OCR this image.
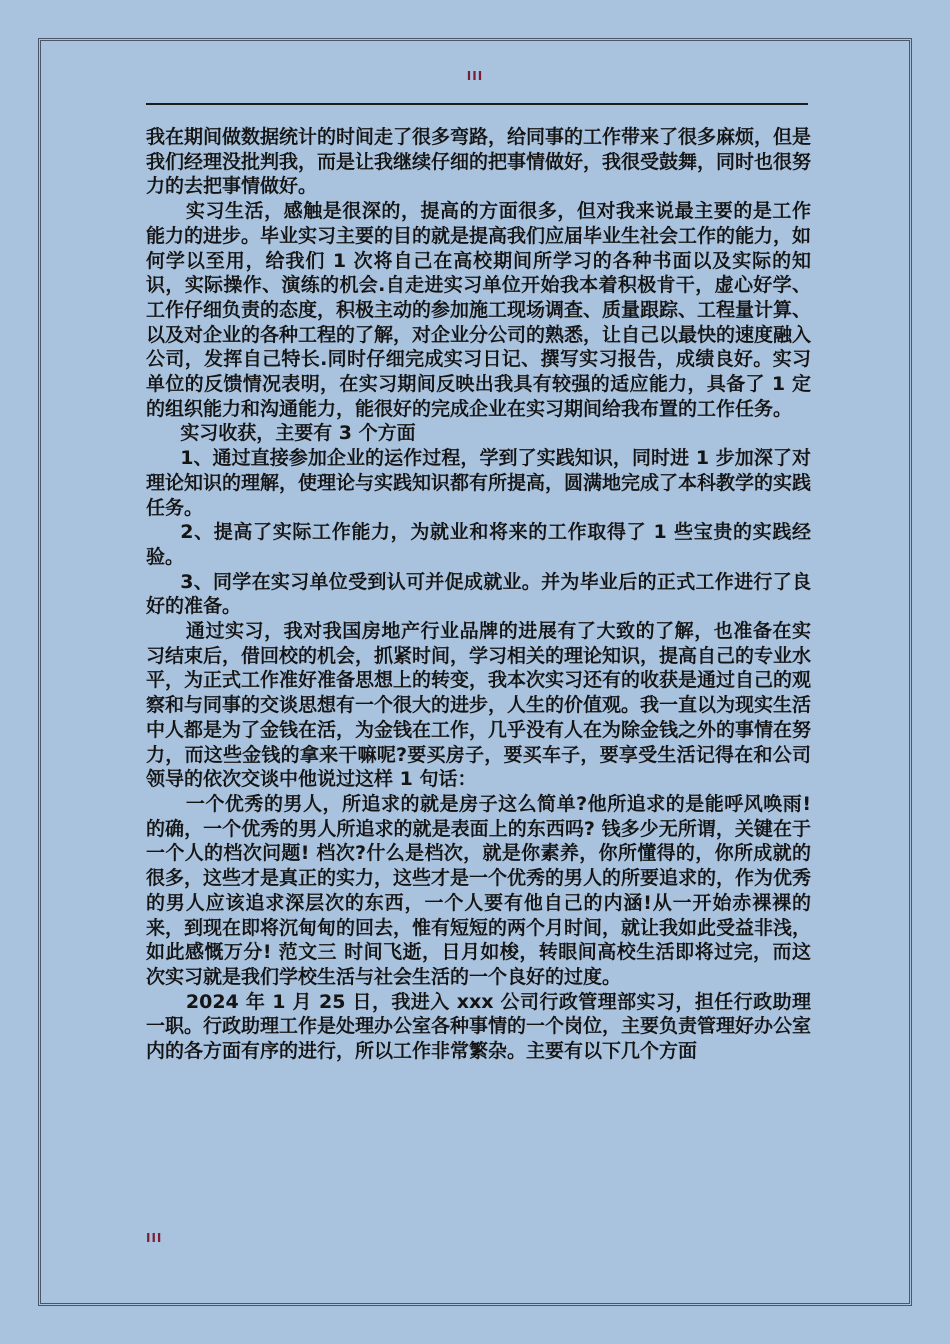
III

我在期间做数据统计的时间走了很多弯路，给同事的工作带来了很多麻烦，但是我们经理没批判我，而是让我继续仔细的把事情做好，我很受鼓舞，同时也很努力的去把事情做好。

实习生活，感触是很深的，提高的方面很多，但对我来说最主要的是工作能力的进步。毕业实习主要的目的就是提高我们应届毕业生社会工作的能力，如何学以至用，给我们 1 次将自己在高校期间所学习的各种书面以及实际的知识，实际操作、演练的机会.自走进实习单位开始我本着积极肯干，虚心好学、工作仔细负责的态度，积极主动的参加施工现场调查、质量跟踪、工程量计算、以及对企业的各种工程的了解，对企业分公司的熟悉，让自己以最快的速度融入公司，发挥自己特长.同时仔细完成实习日记、撰写实习报告，成绩良好。实习单位的反馈情况表明，在实习期间反映出我具有较强的适应能力，具备了 1 定的组织能力和沟通能力，能很好的完成企业在实习期间给我布置的工作任务。

实习收获，主要有 3 个方面

1、通过直接参加企业的运作过程，学到了实践知识，同时进 1 步加深了对理论知识的理解，使理论与实践知识都有所提高，圆满地完成了本科教学的实践任务。

2、提高了实际工作能力，为就业和将来的工作取得了 1 些宝贵的实践经验。

3、同学在实习单位受到认可并促成就业。并为毕业后的正式工作进行了良好的准备。

通过实习，我对我国房地产行业品牌的进展有了大致的了解，也准备在实习结束后，借回校的机会，抓紧时间，学习相关的理论知识，提高自己的专业水平，为正式工作准好准备思想上的转变，我本次实习还有的收获是通过自己的观察和与同事的交谈思想有一个很大的进步，人生的价值观。我一直以为现实生活中人都是为了金钱在活，为金钱在工作，几乎没有人在为除金钱之外的事情在努力，而这些金钱的拿来干嘛呢?要买房子，要买车子，要享受生活记得在和公司领导的依次交谈中他说过这样 1 句话：

一个优秀的男人，所追求的就是房子这么简单?他所追求的是能呼风唤雨! 的确，一个优秀的男人所追求的就是表面上的东西吗? 钱多少无所谓，关键在于一个人的档次问题! 档次?什么是档次，就是你素养，你所懂得的，你所成就的 很多，这些才是真正的实力，这些才是一个优秀的男人的所要追求的，作为优秀的男人应该追求深层次的东西，一个人要有他自己的内涵!从一开始赤裸裸的来，到现在即将沉甸甸的回去，惟有短短的两个月时间，就让我如此受益非浅，如此感慨万分! 范文三 时间飞逝，日月如梭，转眼间高校生活即将过完，而这次实习就是我们学校生活与社会生活的一个良好的过度。

2024 年 1 月 25 日，我进入 xxx 公司行政管理部实习，担任行政助理一职。行政助理工作是处理办公室各种事情的一个岗位，主要负责管理好办公室内的各方面有序的进行，所以工作非常繁杂。主要有以下几个方面

III
